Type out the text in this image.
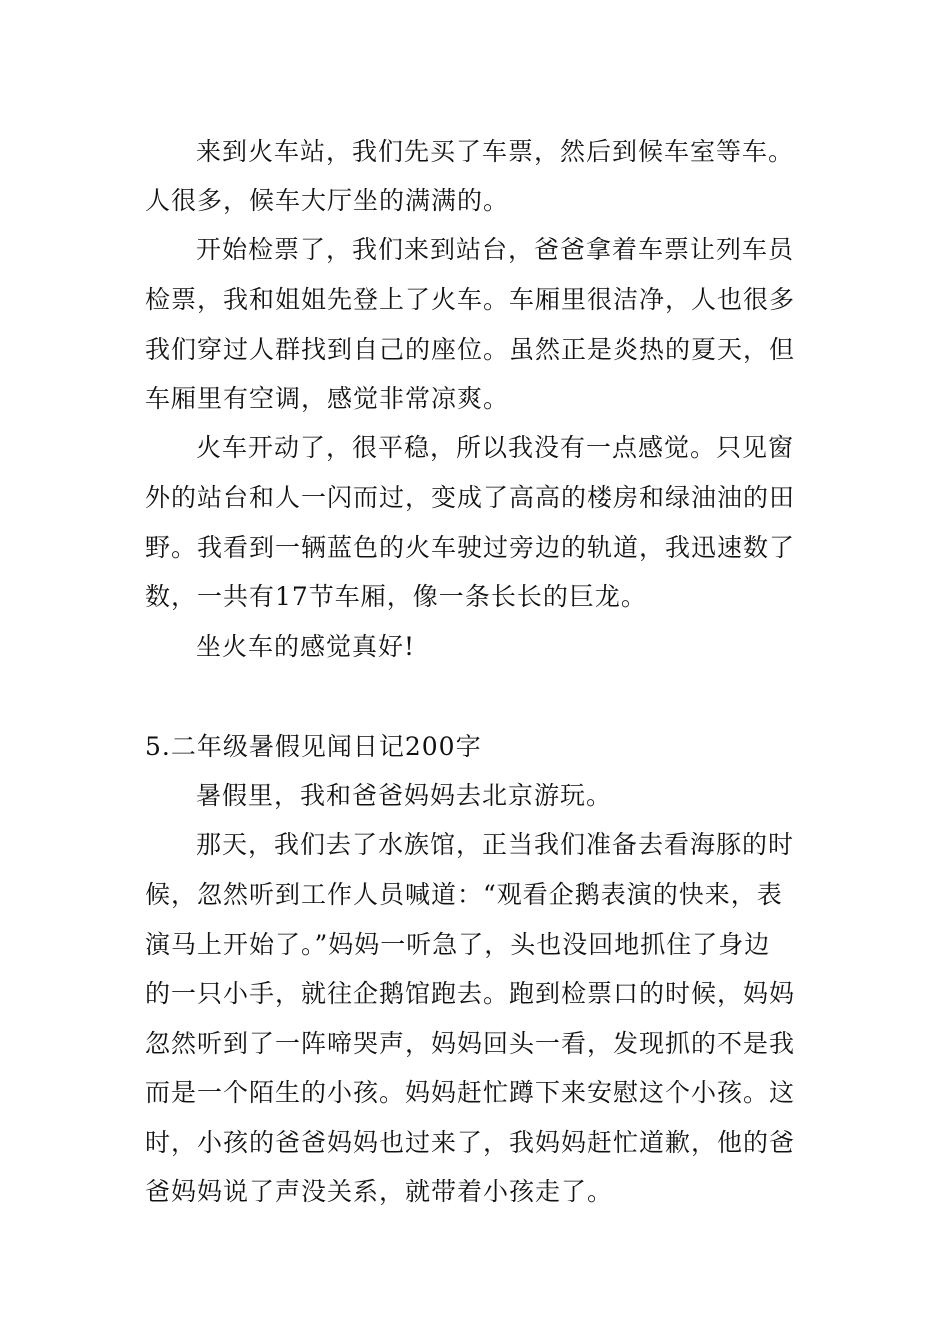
来到火车站，我们先买了车票，然后到候车室等车。
人很多，候车大厅坐的满满的。
开始检票了，我们来到站台，爸爸拿着车票让列车员
检票，我和姐姐先登上了火车。车厢里很洁净，人也很多
我们穿过人群找到自己的座位。虽然正是炎热的夏天，但
车厢里有空调，感觉非常凉爽。
火车开动了，很平稳，所以我没有一点感觉。只见窗
外的站台和人一闪而过，变成了高高的楼房和绿油油的田
野。我看到一辆蓝色的火车驶过旁边的轨道，我迅速数了
数，一共有17节车厢，像一条长长的巨龙。
坐火车的感觉真好!
5.二年级暑假见闻日记200字
暑假里，我和爸爸妈妈去北京游玩。
那天，我们去了水族馆，正当我们准备去看海豚的时
候，忽然听到工作人员喊道：“观看企鹅表演的快来，表
演马上开始了。”妈妈一听急了，头也没回地抓住了身边
的一只小手，就往企鹅馆跑去。跑到检票口的时候，妈妈
忽然听到了一阵啼哭声，妈妈回头一看，发现抓的不是我
而是一个陌生的小孩。妈妈赶忙蹲下来安慰这个小孩。这
时，小孩的爸爸妈妈也过来了，我妈妈赶忙道歉，他的爸
爸妈妈说了声没关系，就带着小孩走了。
